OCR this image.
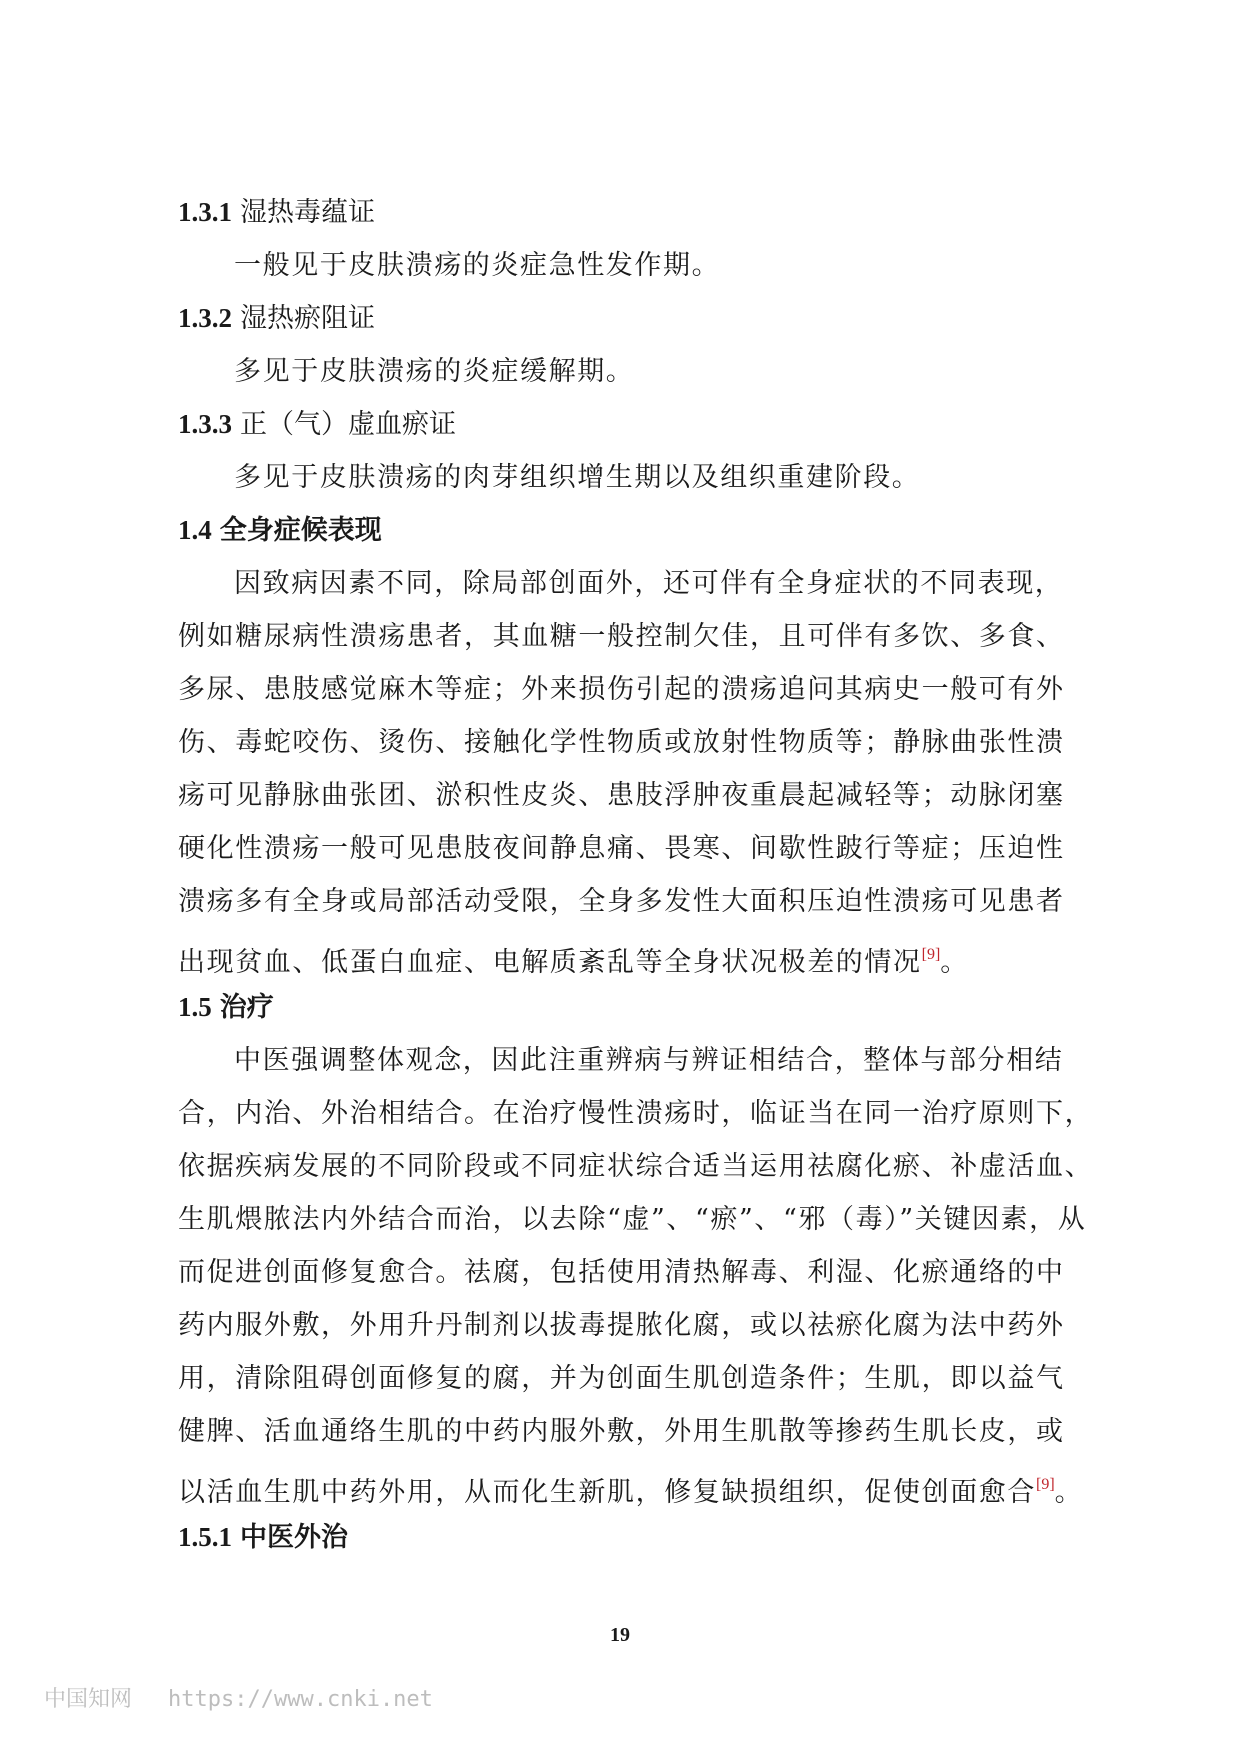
1.3.1 湿热毒蕴证
一般见于皮肤溃疡的炎症急性发作期。
1.3.2 湿热瘀阻证
多见于皮肤溃疡的炎症缓解期。
1.3.3 正（气）虚血瘀证
多见于皮肤溃疡的肉芽组织增生期以及组织重建阶段。
1.4 全身症候表现
因致病因素不同，除局部创面外，还可伴有全身症状的不同表现，
例如糖尿病性溃疡患者，其血糖一般控制欠佳，且可伴有多饮、多食、
多尿、患肢感觉麻木等症；外来损伤引起的溃疡追问其病史一般可有外
伤、毒蛇咬伤、烫伤、接触化学性物质或放射性物质等；静脉曲张性溃
疡可见静脉曲张团、淤积性皮炎、患肢浮肿夜重晨起减轻等；动脉闭塞
硬化性溃疡一般可见患肢夜间静息痛、畏寒、间歇性跛行等症；压迫性
溃疡多有全身或局部活动受限，全身多发性大面积压迫性溃疡可见患者
出现贫血、低蛋白血症、电解质紊乱等全身状况极差的情况[9]。
1.5 治疗
中医强调整体观念，因此注重辨病与辨证相结合，整体与部分相结
合，内治、外治相结合。在治疗慢性溃疡时，临证当在同一治疗原则下，
依据疾病发展的不同阶段或不同症状综合适当运用祛腐化瘀、补虚活血、
生肌煨脓法内外结合而治，以去除“虚”、“瘀”、“邪（毒）”关键因素，从
而促进创面修复愈合。祛腐，包括使用清热解毒、利湿、化瘀通络的中
药内服外敷，外用升丹制剂以拔毒提脓化腐，或以祛瘀化腐为法中药外
用，清除阻碍创面修复的腐，并为创面生肌创造条件；生肌，即以益气
健脾、活血通络生肌的中药内服外敷，外用生肌散等掺药生肌长皮，或
以活血生肌中药外用，从而化生新肌，修复缺损组织，促使创面愈合[9]。
1.5.1 中医外治
19
中国知网 https://www.cnki.net
